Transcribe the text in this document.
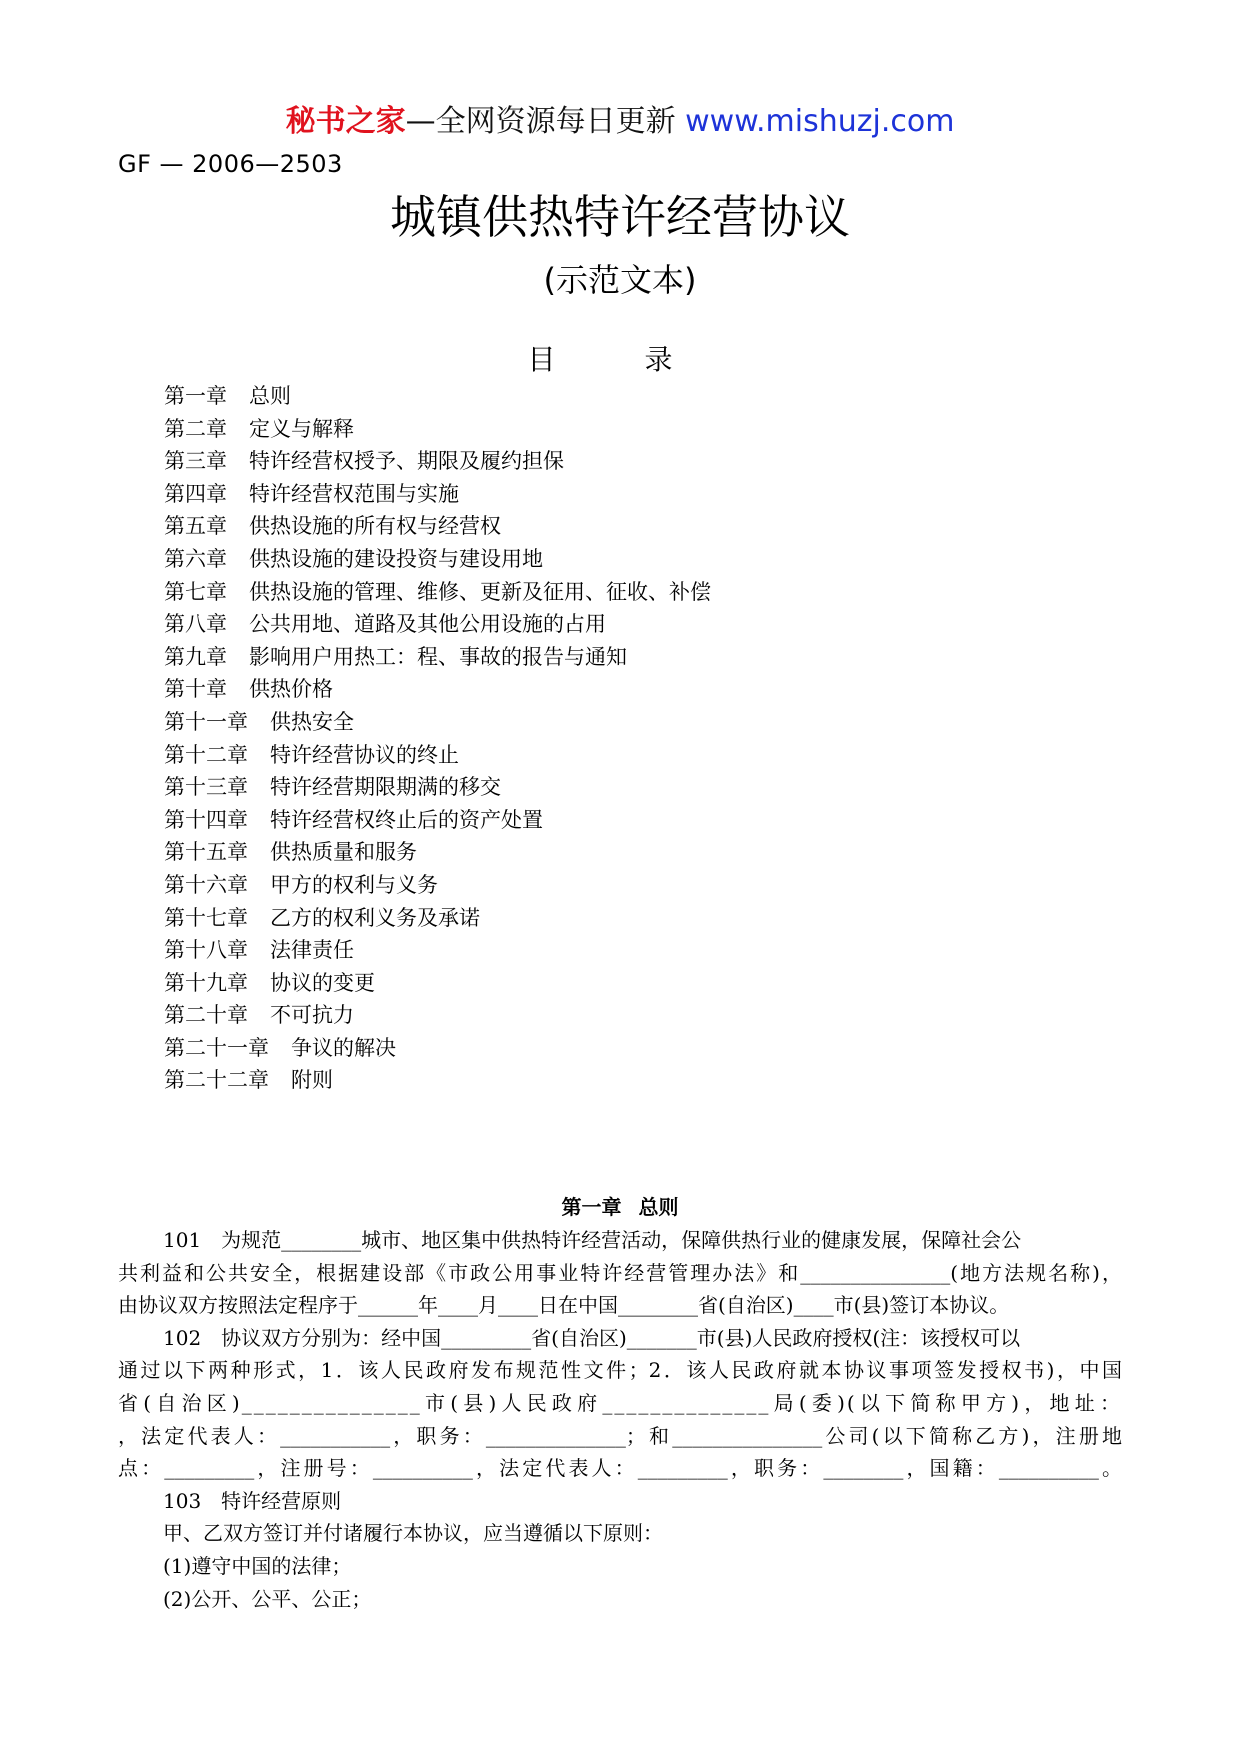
秘书之家—全网资源每日更新 www.mishuzj.com
GF — 2006—2503
城镇供热特许经营协议
(示范文本)
目 录
第一章 总则
第二章 定义与解释
第三章 特许经营权授予、期限及履约担保
第四章 特许经营权范围与实施
第五章 供热设施的所有权与经营权
第六章 供热设施的建设投资与建设用地
第七章 供热设施的管理、维修、更新及征用、征收、补偿
第八章 公共用地、道路及其他公用设施的占用
第九章 影响用户用热工：程、事故的报告与通知
第十章 供热价格
第十一章 供热安全
第十二章 特许经营协议的终止
第十三章 特许经营期限期满的移交
第十四章 特许经营权终止后的资产处置
第十五章 供热质量和服务
第十六章 甲方的权利与义务
第十七章 乙方的权利义务及承诺
第十八章 法律责任
第十九章 协议的变更
第二十章 不可抗力
第二十一章 争议的解决
第二十二章 附则
第一章 总则
101　为规范________城市、地区集中供热特许经营活动，保障供热行业的健康发展，保障社会公
共利益和公共安全，根据建设部《市政公用事业特许经营管理办法》和_______________(地方法规名称)，
由协议双方按照法定程序于______年____月____日在中国________省(自治区)____市(县)签订本协议。
102　协议双方分别为：经中国_________省(自治区)_______市(县)人民政府授权(注：该授权可以
通过以下两种形式，1．该人民政府发布规范性文件；2．该人民政府就本协议事项签发授权书)，中国
省(自治区)_______________市(县)人民政府______________局(委)(以下简称甲方)，地址：
，法定代表人：___________，职务：______________；和_______________公司(以下简称乙方)，注册地
点：_________，注册号：__________，法定代表人：_________，职务：________，国籍：__________。
103　特许经营原则
甲、乙双方签订并付诸履行本协议，应当遵循以下原则：
(1)遵守中国的法律；
(2)公开、公平、公正；
